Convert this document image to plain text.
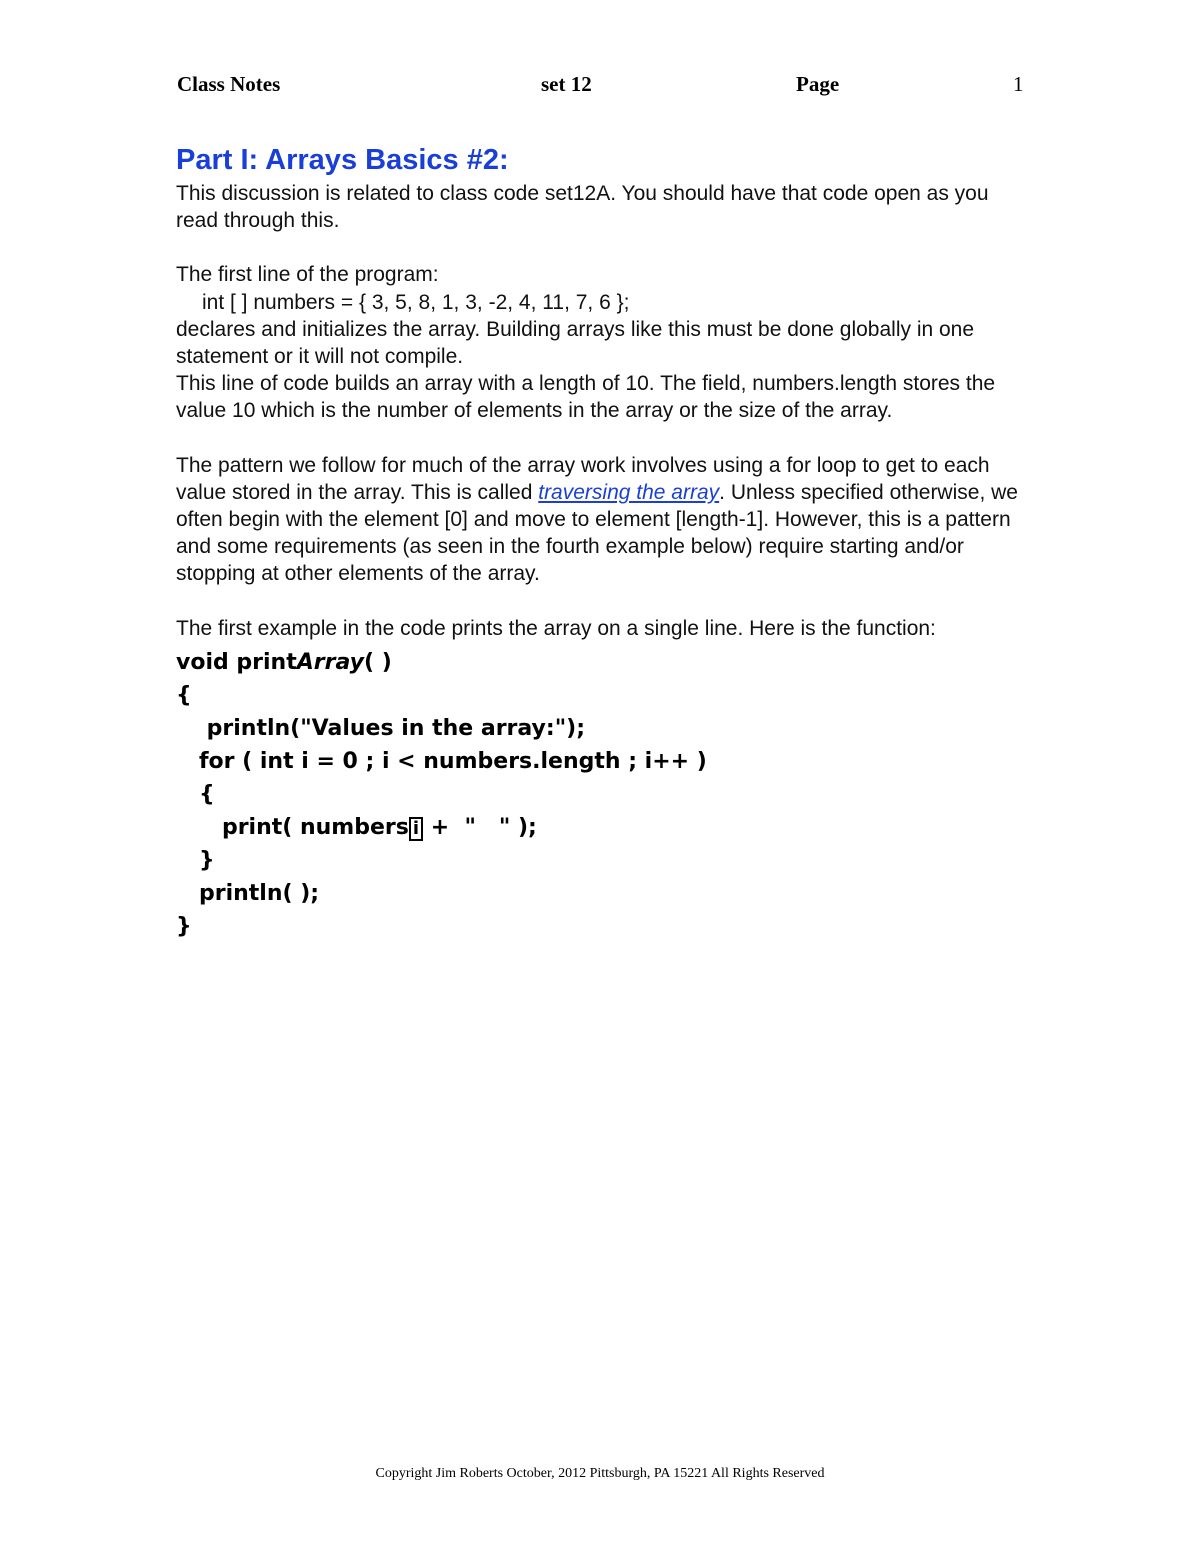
Class Notes	set 12	Page	1
Part I: Arrays Basics #2:

This discussion is related to class code set12A. You should have that code open as you read through this.

The first line of the program:

int [ ] numbers = { 3, 5, 8, 1, 3, -2, 4, 11, 7, 6 };

declares and initializes the array. Building arrays like this must be done globally in one statement or it will not compile.

This line of code builds an array with a length of 10. The field, numbers.length stores the value 10 which is the number of elements in the array or the size of the array.

The pattern we follow for much of the array work involves using a for loop to get to each value stored in the array. This is called traversing the array. Unless specified otherwise, we often begin with the element [0] and move to element [length-1]. However, this is a pattern and some requirements (as seen in the fourth example below) require starting and/or stopping at other elements of the array.

The first example in the code prints the array on a single line. Here is the function:

void printArray( )
{
println("Values in the array:");
for ( int i = 0 ; i < numbers.length ; i++ )
{
print( numbers i +  "   " );
}
println( );
}
Copyright Jim Roberts October, 2012 Pittsburgh, PA 15221 All Rights Reserved
